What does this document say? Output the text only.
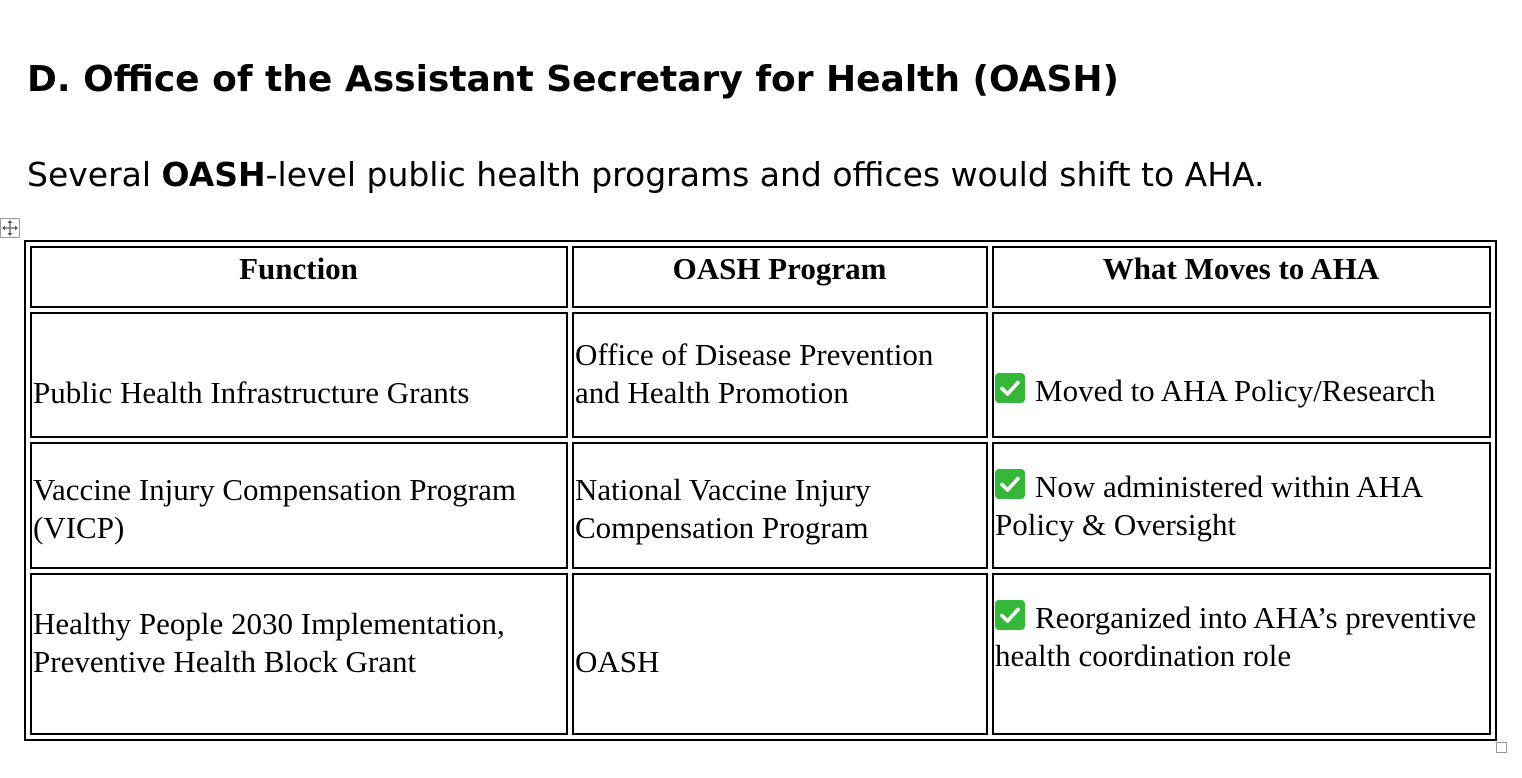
D. Office of the Assistant Secretary for Health (OASH)

Several OASH-level public health programs and offices would shift to AHA.

Function	OASH Program	What Moves to AHA
Public Health Infrastructure Grants	Office of Disease Prevention and Health Promotion	Moved to AHA Policy/Research
Vaccine Injury Compensation Program (VICP)	National Vaccine Injury Compensation Program	Now administered within AHA Policy & Oversight
Healthy People 2030 Implementation, Preventive Health Block Grant	OASH	Reorganized into AHA’s preventive health coordination role
